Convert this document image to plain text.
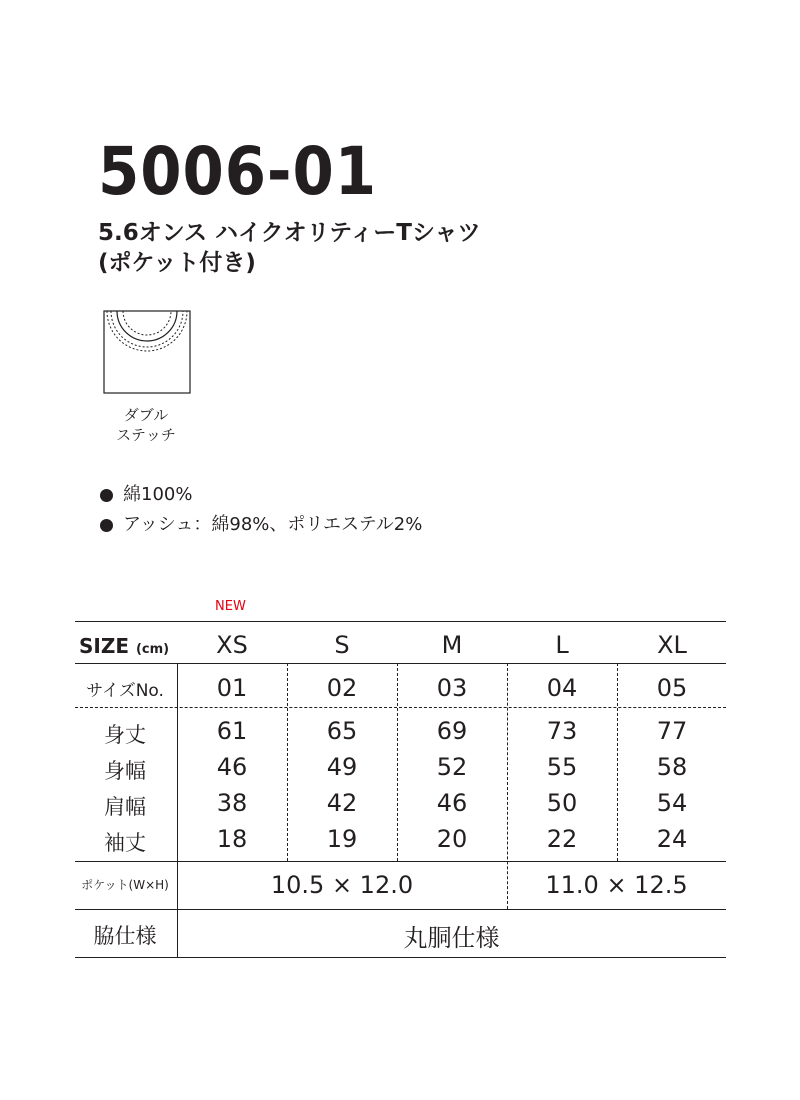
5006-01
5.6オンス ハイクオリティーTシャツ
(ポケット付き)
ダブル
ステッチ
綿100%
アッシュ：綿98%、ポリエステル2%
NEW
SIZE (cm)	XS	S	M	L	XL
サイズNo.	01	02	03	04	05
身丈	61	65	69	73	77
身幅	46	49	52	55	58
肩幅	38	42	46	50	54
袖丈	18	19	20	22	24
ポケット(W×H)	10.5 × 12.0	11.0 × 12.5
脇仕様	丸胴仕様
